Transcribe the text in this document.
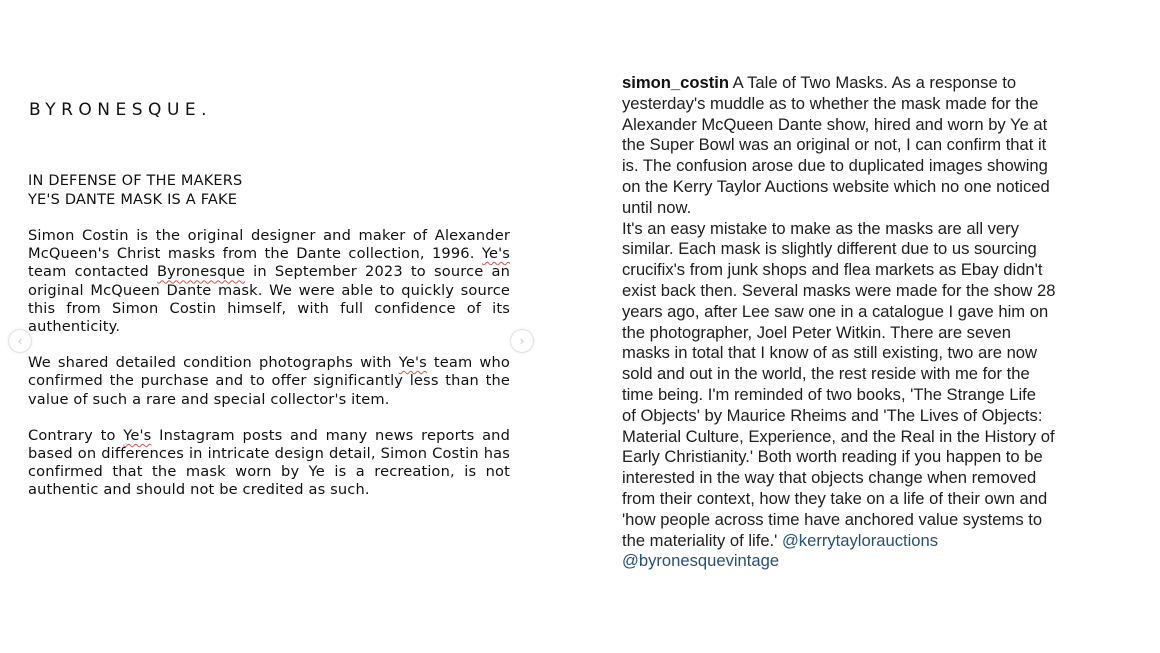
BYRONESQUE.
IN DEFENSE OF THE MAKERS
YE'S DANTE MASK IS A FAKE

Simon Costin is the original designer and maker of Alexander McQueen's Christ masks from the Dante collection, 1996. Ye's team contacted Byronesque in September 2023 to source an original McQueen Dante mask. We were able to quickly source this from Simon Costin himself, with full confidence of its authenticity.

We shared detailed condition photographs with Ye's team who confirmed the purchase and to offer significantly less than the value of such a rare and special collector's item.

Contrary to Ye's Instagram posts and many news reports and based on differences in intricate design detail, Simon Costin has confirmed that the mask worn by Ye is a recreation, is not authentic and should not be credited as such.

‹	›

simon_costin A Tale of Two Masks. As a response to
yesterday's muddle as to whether the mask made for the
Alexander McQueen Dante show, hired and worn by Ye at
the Super Bowl was an original or not, I can confirm that it
is. The confusion arose due to duplicated images showing
on the Kerry Taylor Auctions website which no one noticed
until now.

It's an easy mistake to make as the masks are all very
similar. Each mask is slightly different due to us sourcing
crucifix's from junk shops and flea markets as Ebay didn't
exist back then. Several masks were made for the show 28
years ago, after Lee saw one in a catalogue I gave him on
the photographer, Joel Peter Witkin. There are seven
masks in total that I know of as still existing, two are now
sold and out in the world, the rest reside with me for the
time being. I'm reminded of two books, 'The Strange Life
of Objects' by Maurice Rheims and 'The Lives of Objects:
Material Culture, Experience, and the Real in the History of
Early Christianity.' Both worth reading if you happen to be
interested in the way that objects change when removed
from their context, how they take on a life of their own and
'how people across time have anchored value systems to
the materiality of life.' @kerrytaylorauctions
@byronesquevintage
